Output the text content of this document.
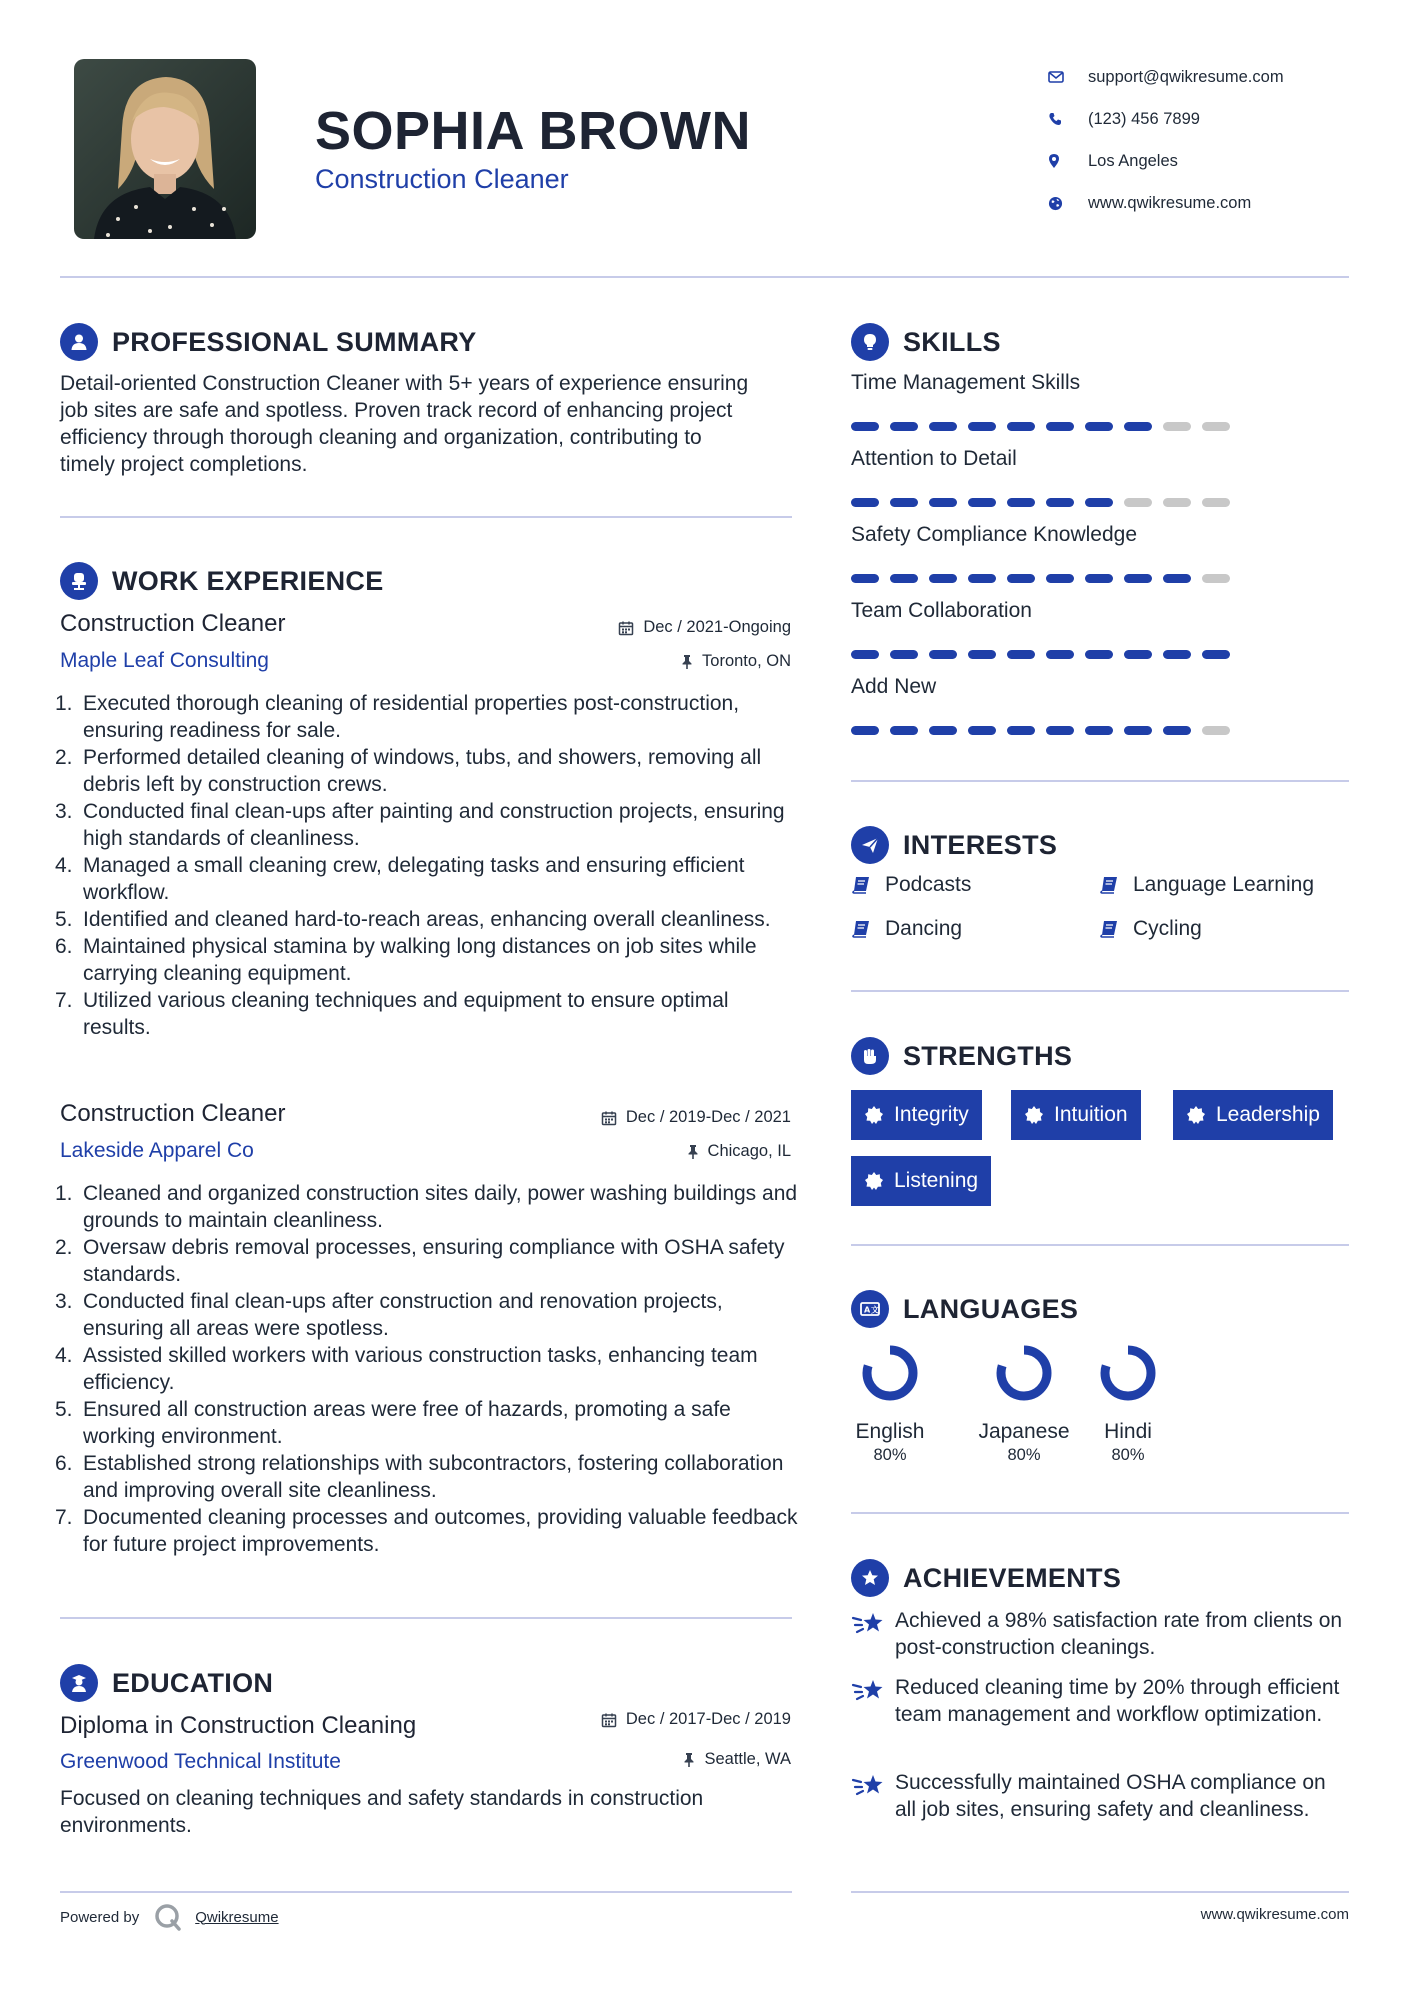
SOPHIA BROWN
Construction Cleaner
support@qwikresume.com
(123) 456 7899
Los Angeles
www.qwikresume.com
PROFESSIONAL SUMMARY
Detail-oriented Construction Cleaner with 5+ years of experience ensuring job sites are safe and spotless. Proven track record of enhancing project efficiency through thorough cleaning and organization, contributing to timely project completions.
WORK EXPERIENCE
Construction Cleaner	Dec / 2021-Ongoing
Maple Leaf Consulting	Toronto, ON
1. Executed thorough cleaning of residential properties post-construction, ensuring readiness for sale.
2. Performed detailed cleaning of windows, tubs, and showers, removing all debris left by construction crews.
3. Conducted final clean-ups after painting and construction projects, ensuring high standards of cleanliness.
4. Managed a small cleaning crew, delegating tasks and ensuring efficient workflow.
5. Identified and cleaned hard-to-reach areas, enhancing overall cleanliness.
6. Maintained physical stamina by walking long distances on job sites while carrying cleaning equipment.
7. Utilized various cleaning techniques and equipment to ensure optimal results.
Construction Cleaner	Dec / 2019-Dec / 2021
Lakeside Apparel Co	Chicago, IL
1. Cleaned and organized construction sites daily, power washing buildings and grounds to maintain cleanliness.
2. Oversaw debris removal processes, ensuring compliance with OSHA safety standards.
3. Conducted final clean-ups after construction and renovation projects, ensuring all areas were spotless.
4. Assisted skilled workers with various construction tasks, enhancing team efficiency.
5. Ensured all construction areas were free of hazards, promoting a safe working environment.
6. Established strong relationships with subcontractors, fostering collaboration and improving overall site cleanliness.
7. Documented cleaning processes and outcomes, providing valuable feedback for future project improvements.
EDUCATION
Diploma in Construction Cleaning	Dec / 2017-Dec / 2019
Greenwood Technical Institute	Seattle, WA
Focused on cleaning techniques and safety standards in construction environments.
SKILLS
Time Management Skills
Attention to Detail
Safety Compliance Knowledge
Team Collaboration
Add New
INTERESTS
Podcasts	Language Learning
Dancing	Cycling
STRENGTHS
Integrity	Intuition	Leadership
Listening
A 文 LANGUAGES
English
80%
Japanese
80%
Hindi
80%
ACHIEVEMENTS
Achieved a 98% satisfaction rate from clients on post-construction cleanings.
Reduced cleaning time by 20% through efficient team management and workflow optimization.
Successfully maintained OSHA compliance on all job sites, ensuring safety and cleanliness.
Powered by	Qwikresume	www.qwikresume.com
